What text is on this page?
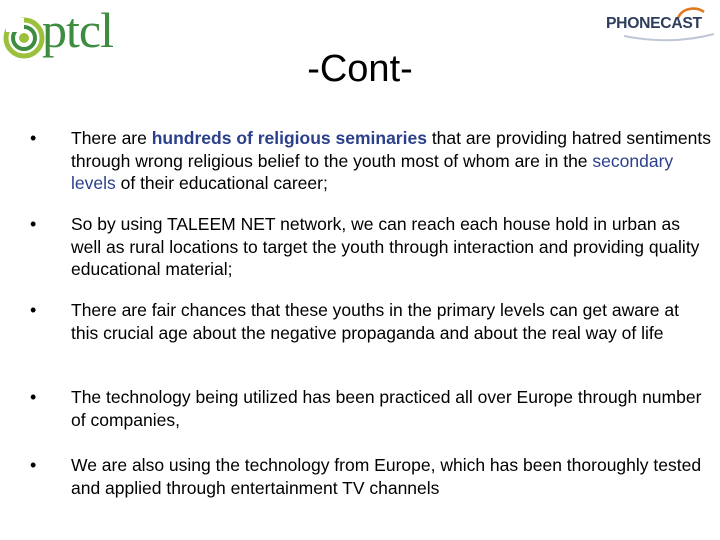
ptcl	PHONECAST
-Cont-
• There are hundreds of religious seminaries that are providing hatred sentiments through wrong religious belief to the youth most of whom are in the secondary levels of their educational career;

• So by using TALEEM NET network, we can reach each house hold in urban as well as rural locations to target the youth through interaction and providing quality educational material;

• There are fair chances that these youths in the primary levels can get aware at this crucial age about the negative propaganda and about the real way of life

• The technology being utilized has been practiced all over Europe through number of companies,

• We are also using the technology from Europe, which has been thoroughly tested and applied through entertainment TV channels
